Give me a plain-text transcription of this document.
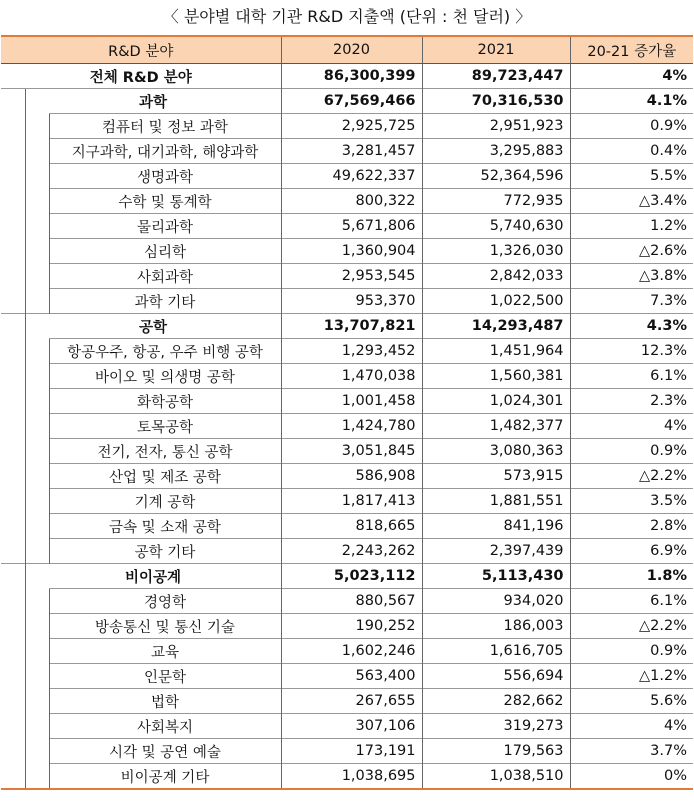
〈 분야별 대학 기관 R&D 지출액 (단위 : 천 달러) 〉
R&D 분야			2020	2021	20-21 증가율
전체 R&D 분야			86,300,399	89,723,447	4%
	과학		67,569,466	70,316,530	4.1%
		컴퓨터 및 정보 과학	2,925,725	2,951,923	0.9%
		지구과학, 대기과학, 해양과학	3,281,457	3,295,883	0.4%
		생명과학	49,622,337	52,364,596	5.5%
		수학 및 통계학	800,322	772,935	△3.4%
		물리과학	5,671,806	5,740,630	1.2%
		심리학	1,360,904	1,326,030	△2.6%
		사회과학	2,953,545	2,842,033	△3.8%
		과학 기타	953,370	1,022,500	7.3%
	공학		13,707,821	14,293,487	4.3%
		항공우주, 항공, 우주 비행 공학	1,293,452	1,451,964	12.3%
		바이오 및 의생명 공학	1,470,038	1,560,381	6.1%
		화학공학	1,001,458	1,024,301	2.3%
		토목공학	1,424,780	1,482,377	4%
		전기, 전자, 통신 공학	3,051,845	3,080,363	0.9%
		산업 및 제조 공학	586,908	573,915	△2.2%
		기계 공학	1,817,413	1,881,551	3.5%
		금속 및 소재 공학	818,665	841,196	2.8%
		공학 기타	2,243,262	2,397,439	6.9%
	비이공계		5,023,112	5,113,430	1.8%
		경영학	880,567	934,020	6.1%
		방송통신 및 통신 기술	190,252	186,003	△2.2%
		교육	1,602,246	1,616,705	0.9%
		인문학	563,400	556,694	△1.2%
		법학	267,655	282,662	5.6%
		사회복지	307,106	319,273	4%
		시각 및 공연 예술	173,191	179,563	3.7%
		비이공계 기타	1,038,695	1,038,510	0%
